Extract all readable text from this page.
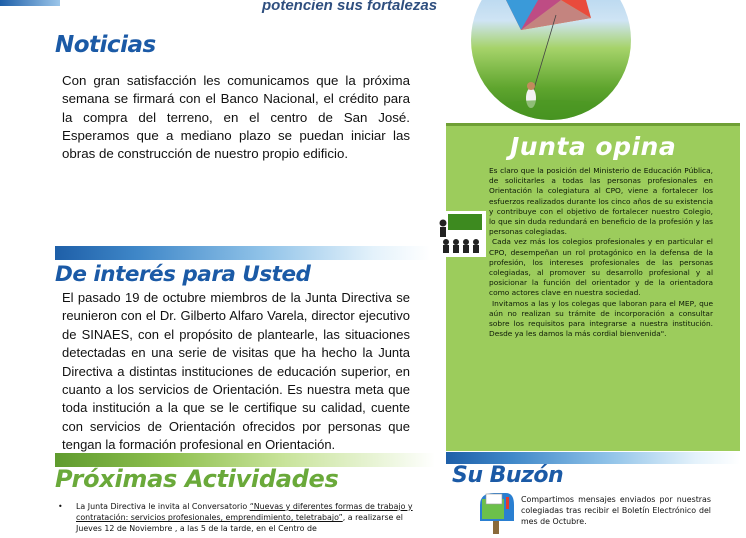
potencien sus fortalezas
Noticias
Con gran satisfacción les comunicamos que la próxima semana se firmará con el Banco Nacional, el crédito para la compra del terreno, en el centro de San José. Esperamos que a mediano plazo se puedan iniciar las obras de construcción de nuestro propio edificio.
De interés para Usted
El pasado 19 de octubre miembros de la Junta Directiva se reunieron con el Dr. Gilberto Alfaro Varela, director ejecutivo de SINAES, con el propósito de plantearle, las situaciones detectadas en una serie de visitas que ha hecho la Junta Directiva a distintas instituciones de educación superior, en cuanto a los servicios de Orientación. Es nuestra meta que toda institución a la que se le certifique su calidad, cuente con servicios de Orientación ofrecidos por personas que tengan la formación profesional en Orientación.
Próximas Actividades
• La Junta Directiva le invita al Conversatorio “Nuevas y diferentes formas de trabajo y contratación: servicios profesionales, emprendimiento, teletrabajo”, a realizarse el Jueves 12 de Noviembre , a las 5 de la tarde, en el Centro de
Junta opina
Es claro que la posición del Ministerio de Educación Pública, de solicitarles a todas las personas profesionales en Orientación la colegiatura al CPO, viene a fortalecer los esfuerzos realizados durante los cinco años de su existencia y contribuye con el objetivo de fortalecer nuestro Colegio, lo que sin duda redundará en beneficio de la profesión y las personas colegiadas.
Cada vez más los colegios profesionales y en particular el CPO, desempeñan un rol protagónico en la defensa de la profesión, los intereses profesionales de las personas colegiadas, al promover su desarrollo profesional y al posicionar la función del orientador y de la orientadora como actores clave en nuestra sociedad.
Invitamos a las y los colegas que laboran para el MEP, que aún no realizan su trámite de incorporación a consultar sobre los requisitos para integrarse a nuestra institución. Desde ya les damos la más cordial bienvenida".
Su Buzón
Compartimos mensajes enviados por nuestras colegiadas tras recibir el Boletín Electrónico del mes de Octubre.
